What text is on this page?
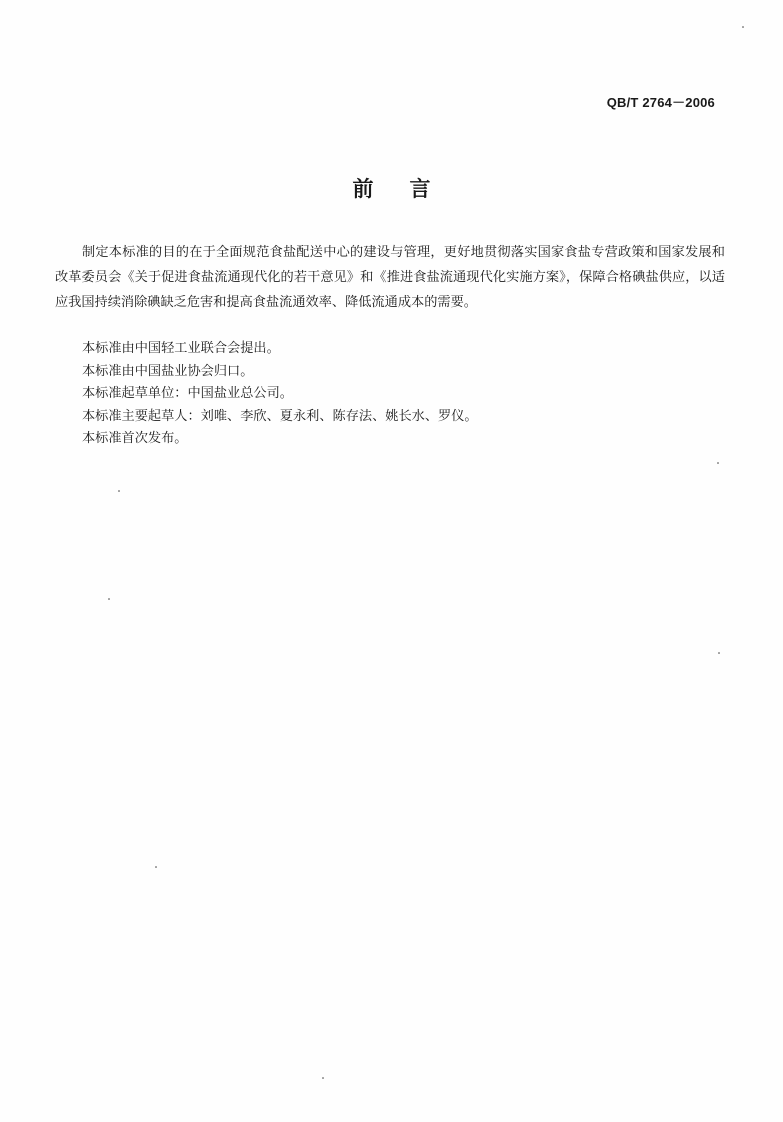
QB/T 2764－2006
前言

制定本标准的目的在于全面规范食盐配送中心的建设与管理，更好地贯彻落实国家食盐专营政策和国家发展和改革委员会《关于促进食盐流通现代化的若干意见》和《推进食盐流通现代化实施方案》，保障合格碘盐供应，以适应我国持续消除碘缺乏危害和提高食盐流通效率、降低流通成本的需要。

本标准由中国轻工业联合会提出。
本标准由中国盐业协会归口。
本标准起草单位：中国盐业总公司。
本标准主要起草人：刘唯、李欣、夏永利、陈存法、姚长水、罗仪。
本标准首次发布。
